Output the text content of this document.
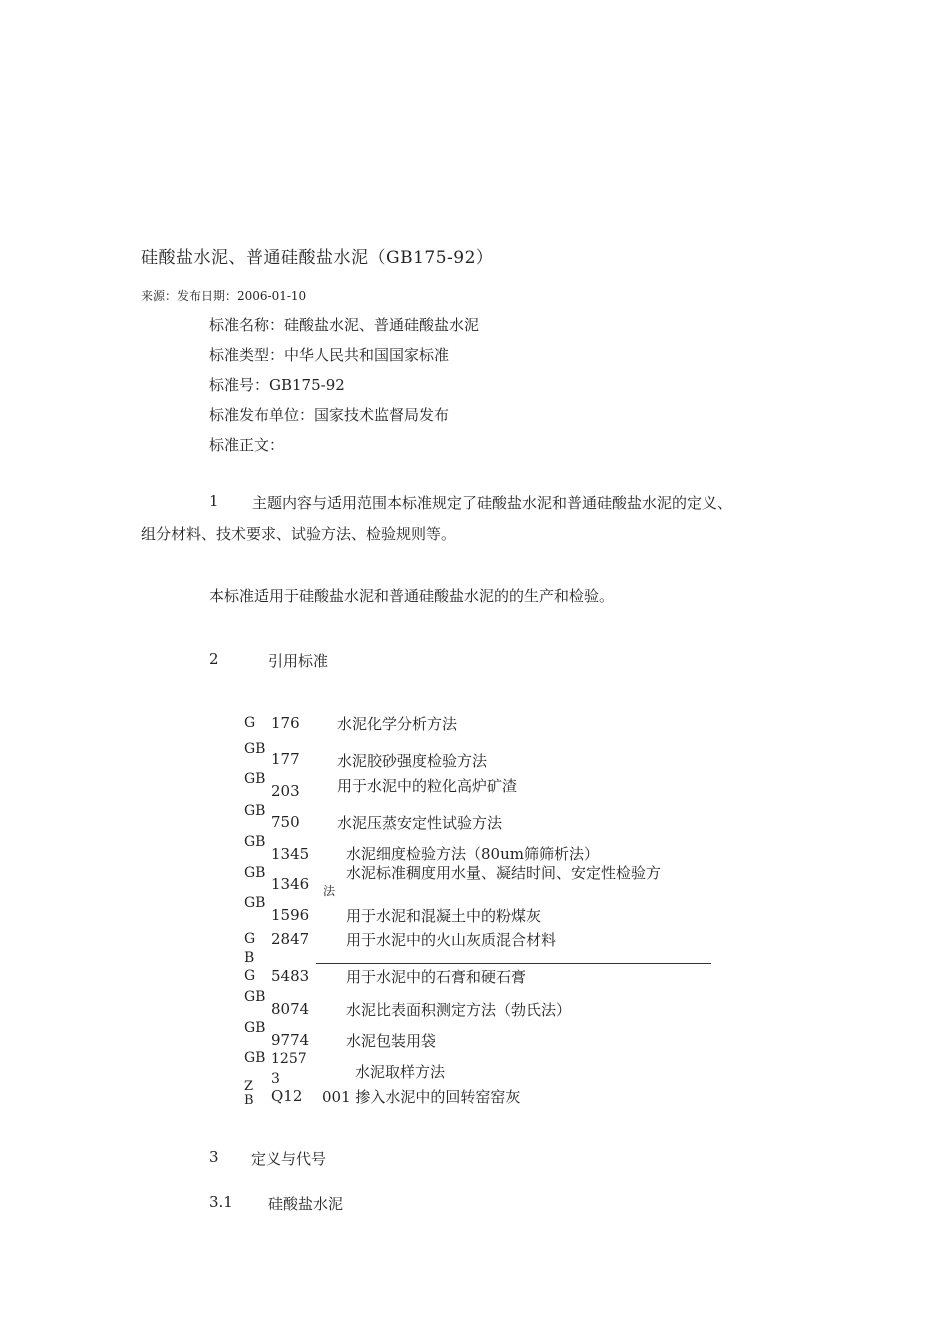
硅酸盐水泥、普通硅酸盐水泥（GB175-92）
来源：发布日期：2006-01-10
标准名称：硅酸盐水泥、普通硅酸盐水泥
标准类型：中华人民共和国国家标准
标准号：GB175-92
标准发布单位：国家技术监督局发布
标准正文：
1 主题内容与适用范围本标准规定了硅酸盐水泥和普通硅酸盐水泥的定义、
组分材料、技术要求、试验方法、检验规则等。
本标准适用于硅酸盐水泥和普通硅酸盐水泥的的生产和检验。
2	引用标准
G 176 水泥化学分析方法
GB
177 水泥胶砂强度检验方法
GB
203 用于水泥中的粒化高炉矿渣
GB
750 水泥压蒸安定性试验方法
GB
1345 水泥细度检验方法（80um筛筛析法）
GB
1346
水泥标准稠度用水量、凝结时间、安定性检验方
法
GB
1596 用于水泥和混凝土中的粉煤灰
G 2847 用于水泥中的火山灰质混合材料
B
G 5483 用于水泥中的石膏和硬石膏
GB
8074 水泥比表面积测定方法（勃氏法）
GB
9774 水泥包装用袋
GB 12573	水泥取样方法
ZB Q12 001 掺入水泥中的回转窑窑灰
3 定义与代号
3.1 硅酸盐水泥
